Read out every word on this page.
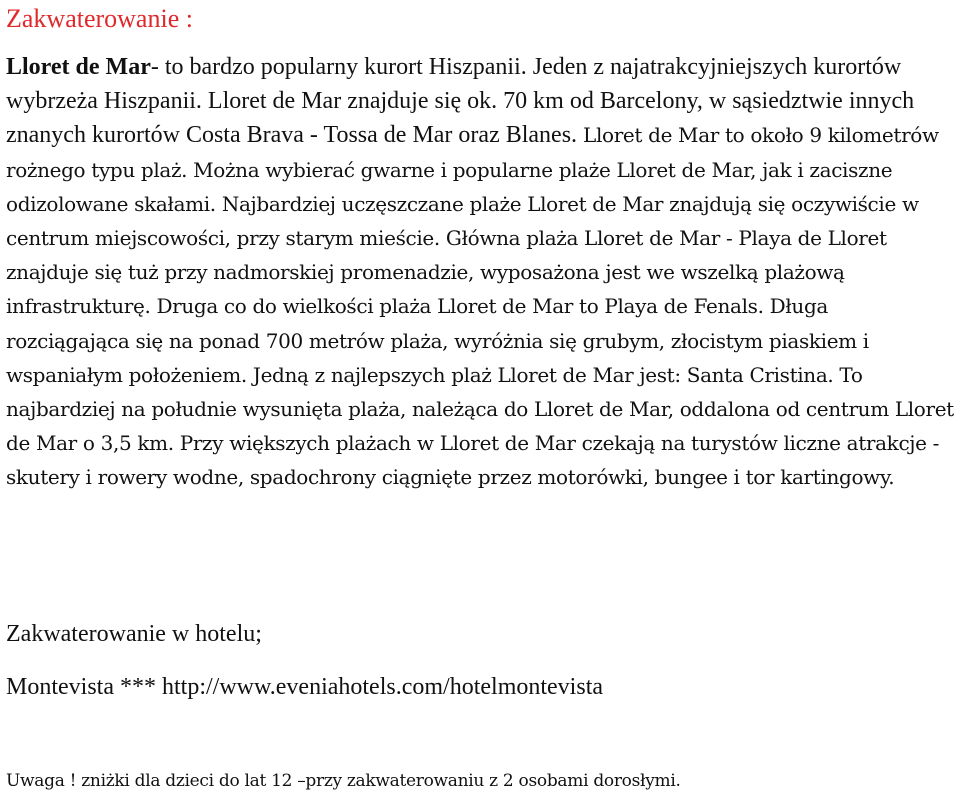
Zakwaterowanie :
Lloret de Mar- to bardzo popularny kurort Hiszpanii. Jeden z najatrakcyjniejszych kurortów wybrzeża Hiszpanii. Lloret de Mar znajduje się ok. 70 km od Barcelony, w sąsiedztwie innych znanych kurortów Costa Brava - Tossa de Mar oraz Blanes. Lloret de Mar to około 9 kilometrów rożnego typu plaż. Można wybierać gwarne i popularne plaże Lloret de Mar, jak i zaciszne odizolowane skałami. Najbardziej uczęszczane plaże Lloret de Mar znajdują się oczywiście w centrum miejscowości, przy starym mieście. Główna plaża Lloret de Mar - Playa de Lloret znajduje się tuż przy nadmorskiej promenadzie, wyposażona jest we wszelką plażową infrastrukturę. Druga co do wielkości plaża Lloret de Mar to Playa de Fenals. Długa rozciągająca się na ponad 700 metrów plaża, wyróżnia się grubym, złocistym piaskiem i wspaniałym położeniem. Jedną z najlepszych plaż Lloret de Mar jest: Santa Cristina. To najbardziej na południe wysunięta plaża, należąca do Lloret de Mar, oddalona od centrum Lloret de Mar o 3,5 km. Przy większych plażach w Lloret de Mar czekają na turystów liczne atrakcje - skutery i rowery wodne, spadochrony ciągnięte przez motorówki, bungee i tor kartingowy.
Zakwaterowanie w hotelu;
Montevista *** http://www.eveniahotels.com/hotelmontevista
Uwaga ! zniżki dla dzieci do lat 12 –przy zakwaterowaniu z 2 osobami dorosłymi.
